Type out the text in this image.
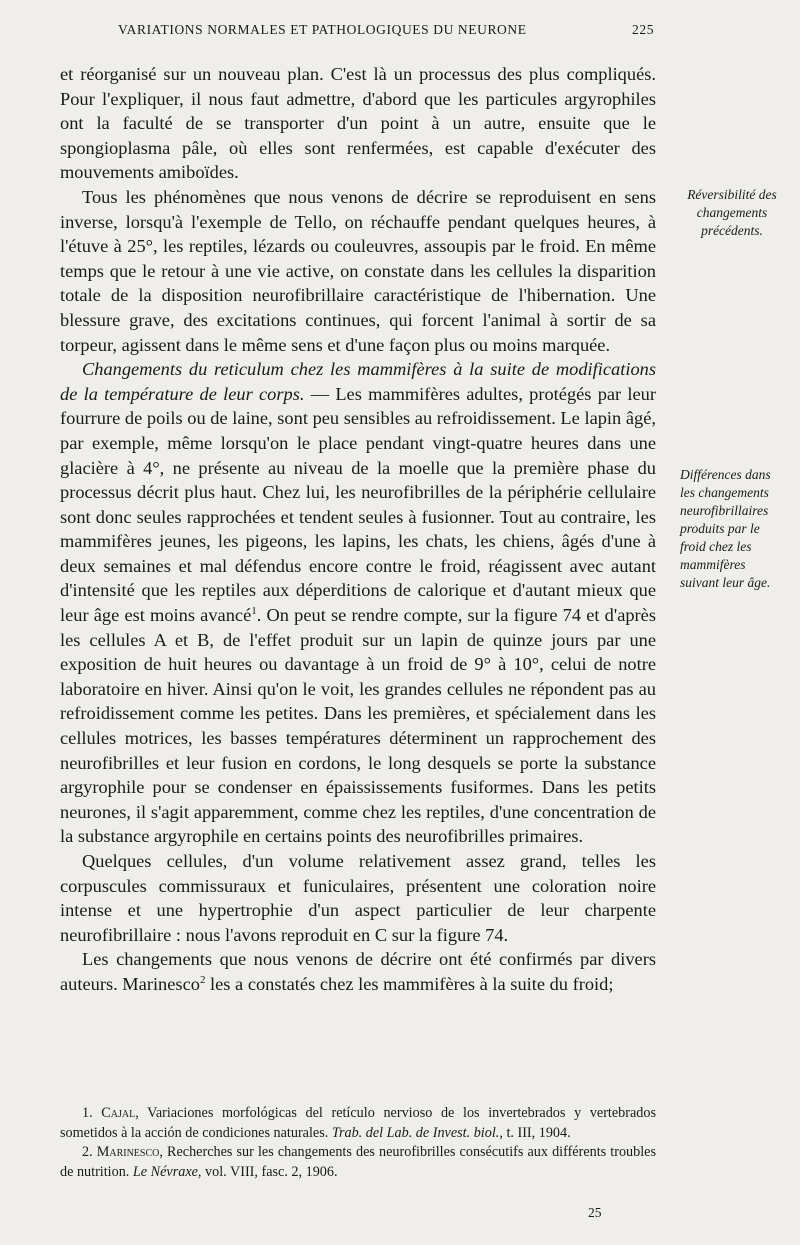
VARIATIONS NORMALES ET PATHOLOGIQUES DU NEURONE	225

et réorganisé sur un nouveau plan. C'est là un processus des plus compliqués. Pour l'expliquer, il nous faut admettre, d'abord que les particules argyrophiles ont la faculté de se transporter d'un point à un autre, ensuite que le spongioplasma pâle, où elles sont renfermées, est capable d'exécuter des mouvements amiboïdes.

Tous les phénomènes que nous venons de décrire se reproduisent en sens inverse, lorsqu'à l'exemple de Tello, on réchauffe pendant quelques heures, à l'étuve à 25°, les reptiles, lézards ou couleuvres, assoupis par le froid. En même temps que le retour à une vie active, on constate dans les cellules la disparition totale de la disposition neurofibrillaire caractéristique de l'hibernation. Une blessure grave, des excitations continues, qui forcent l'animal à sortir de sa torpeur, agissent dans le même sens et d'une façon plus ou moins marquée.

Changements du reticulum chez les mammifères à la suite de modifications de la température de leur corps. — Les mammifères adultes, protégés par leur fourrure de poils ou de laine, sont peu sensibles au refroidissement. Le lapin âgé, par exemple, même lorsqu'on le place pendant vingt-quatre heures dans une glacière à 4°, ne présente au niveau de la moelle que la première phase du processus décrit plus haut. Chez lui, les neurofibrilles de la périphérie cellulaire sont donc seules rapprochées et tendent seules à fusionner. Tout au contraire, les mammifères jeunes, les pigeons, les lapins, les chats, les chiens, âgés d'une à deux semaines et mal défendus encore contre le froid, réagissent avec autant d'intensité que les reptiles aux déperditions de calorique et d'autant mieux que leur âge est moins avancé$^1$. On peut se rendre compte, sur la figure 74 et d'après les cellules A et B, de l'effet produit sur un lapin de quinze jours par une exposition de huit heures ou davantage à un froid de 9° à 10°, celui de notre laboratoire en hiver. Ainsi qu'on le voit, les grandes cellules ne répondent pas au refroidissement comme les petites. Dans les premières, et spécialement dans les cellules motrices, les basses températures déterminent un rapprochement des neurofibrilles et leur fusion en cordons, le long desquels se porte la substance argyrophile pour se condenser en épaississements fusiformes. Dans les petits neurones, il s'agit apparemment, comme chez les reptiles, d'une concentration de la substance argyrophile en certains points des neurofibrilles primaires.

Quelques cellules, d'un volume relativement assez grand, telles les corpuscules commissuraux et funiculaires, présentent une coloration noire intense et une hypertrophie d'un aspect particulier de leur charpente neurofibrillaire : nous l'avons reproduit en C sur la figure 74.

Les changements que nous venons de décrire ont été confirmés par divers auteurs. Marinesco$^2$ les a constatés chez les mammifères à la suite du froid;

Réversibilité des changements précédents.
Différences dans les changements neurofibrillaires produits par le froid chez les mammifères suivant leur âge.

1. Cajal, Variaciones morfológicas del retículo nervioso de los invertebrados y vertebrados sometidos à la acción de condiciones naturales. Trab. del Lab. de Invest. biol., t. III, 1904.

2. Marinesco, Recherches sur les changements des neurofibrilles consécutifs aux différents troubles de nutrition. Le Névraxe, vol. VIII, fasc. 2, 1906.

25
